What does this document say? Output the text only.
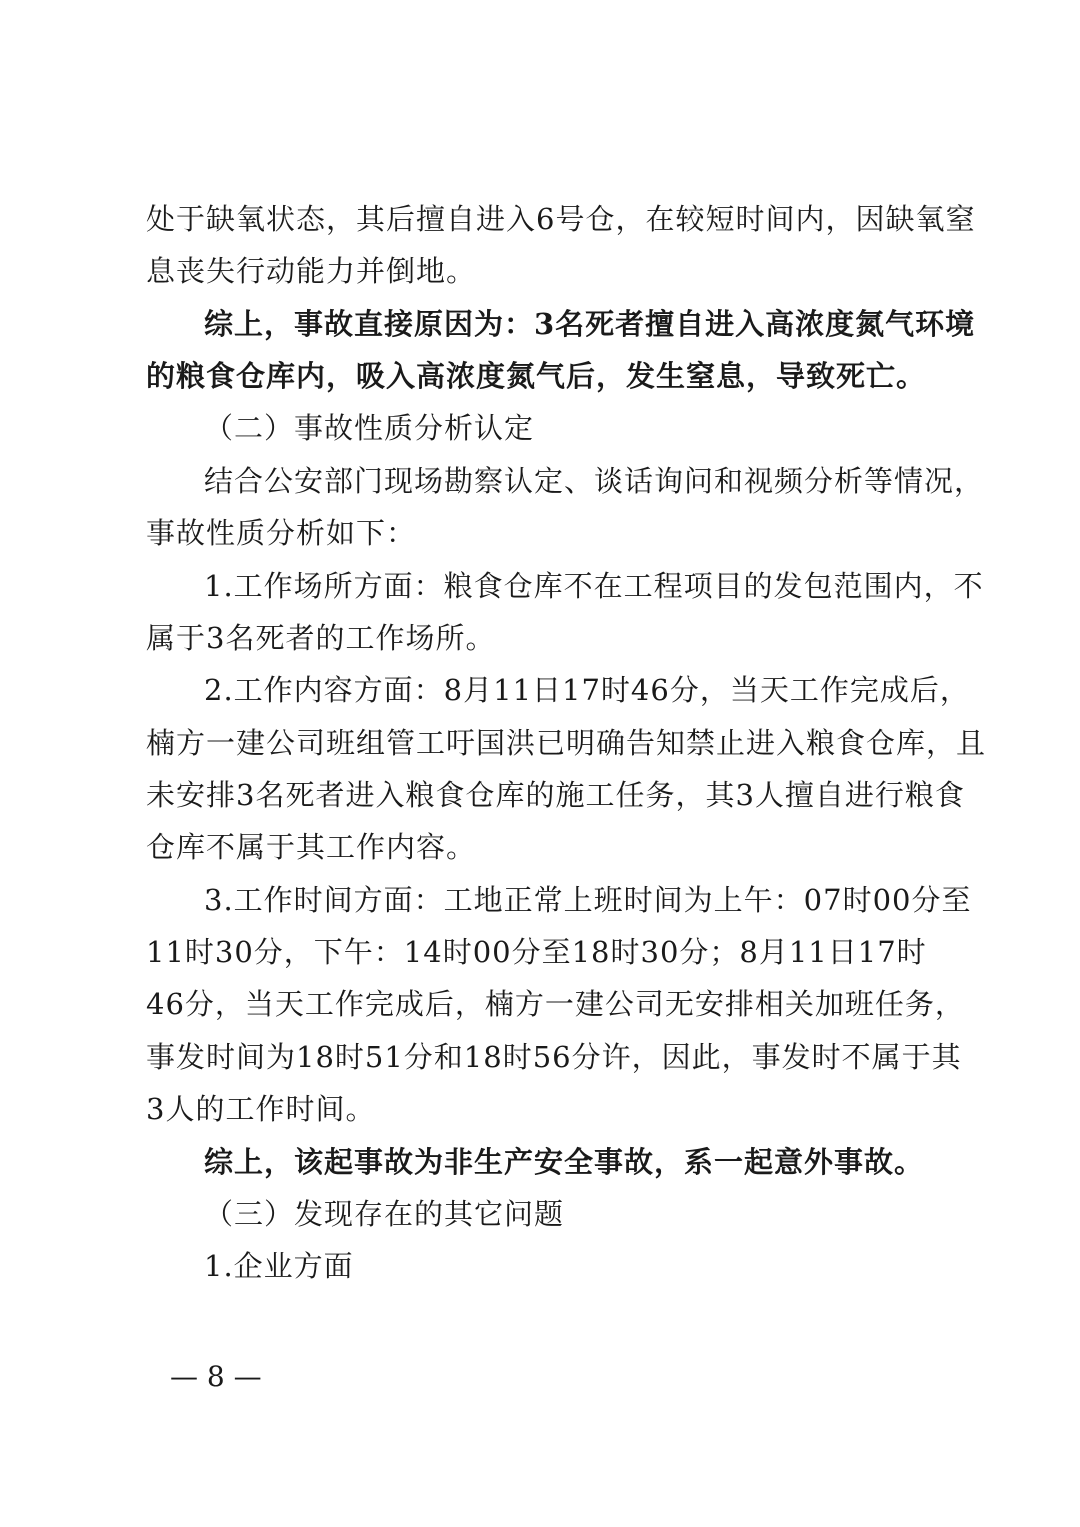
处于缺氧状态，其后擅自进入6号仓，在较短时间内，因缺氧窒
息丧失行动能力并倒地。
综上，事故直接原因为：3名死者擅自进入高浓度氮气环境
的粮食仓库内，吸入高浓度氮气后，发生窒息，导致死亡。
（二）事故性质分析认定
结合公安部门现场勘察认定、谈话询问和视频分析等情况，
事故性质分析如下：
1.工作场所方面：粮食仓库不在工程项目的发包范围内，不
属于3名死者的工作场所。
2.工作内容方面：8月11日17时46分，当天工作完成后，
楠方一建公司班组管工吁国洪已明确告知禁止进入粮食仓库，且
未安排3名死者进入粮食仓库的施工任务，其3人擅自进行粮食
仓库不属于其工作内容。
3.工作时间方面：工地正常上班时间为上午：07时00分至
11时30分，下午：14时00分至18时30分；8月11日17时
46分，当天工作完成后，楠方一建公司无安排相关加班任务，
事发时间为18时51分和18时56分许，因此，事发时不属于其
3人的工作时间。
综上，该起事故为非生产安全事故，系一起意外事故。
（三）发现存在的其它问题
1.企业方面
— 8 —
